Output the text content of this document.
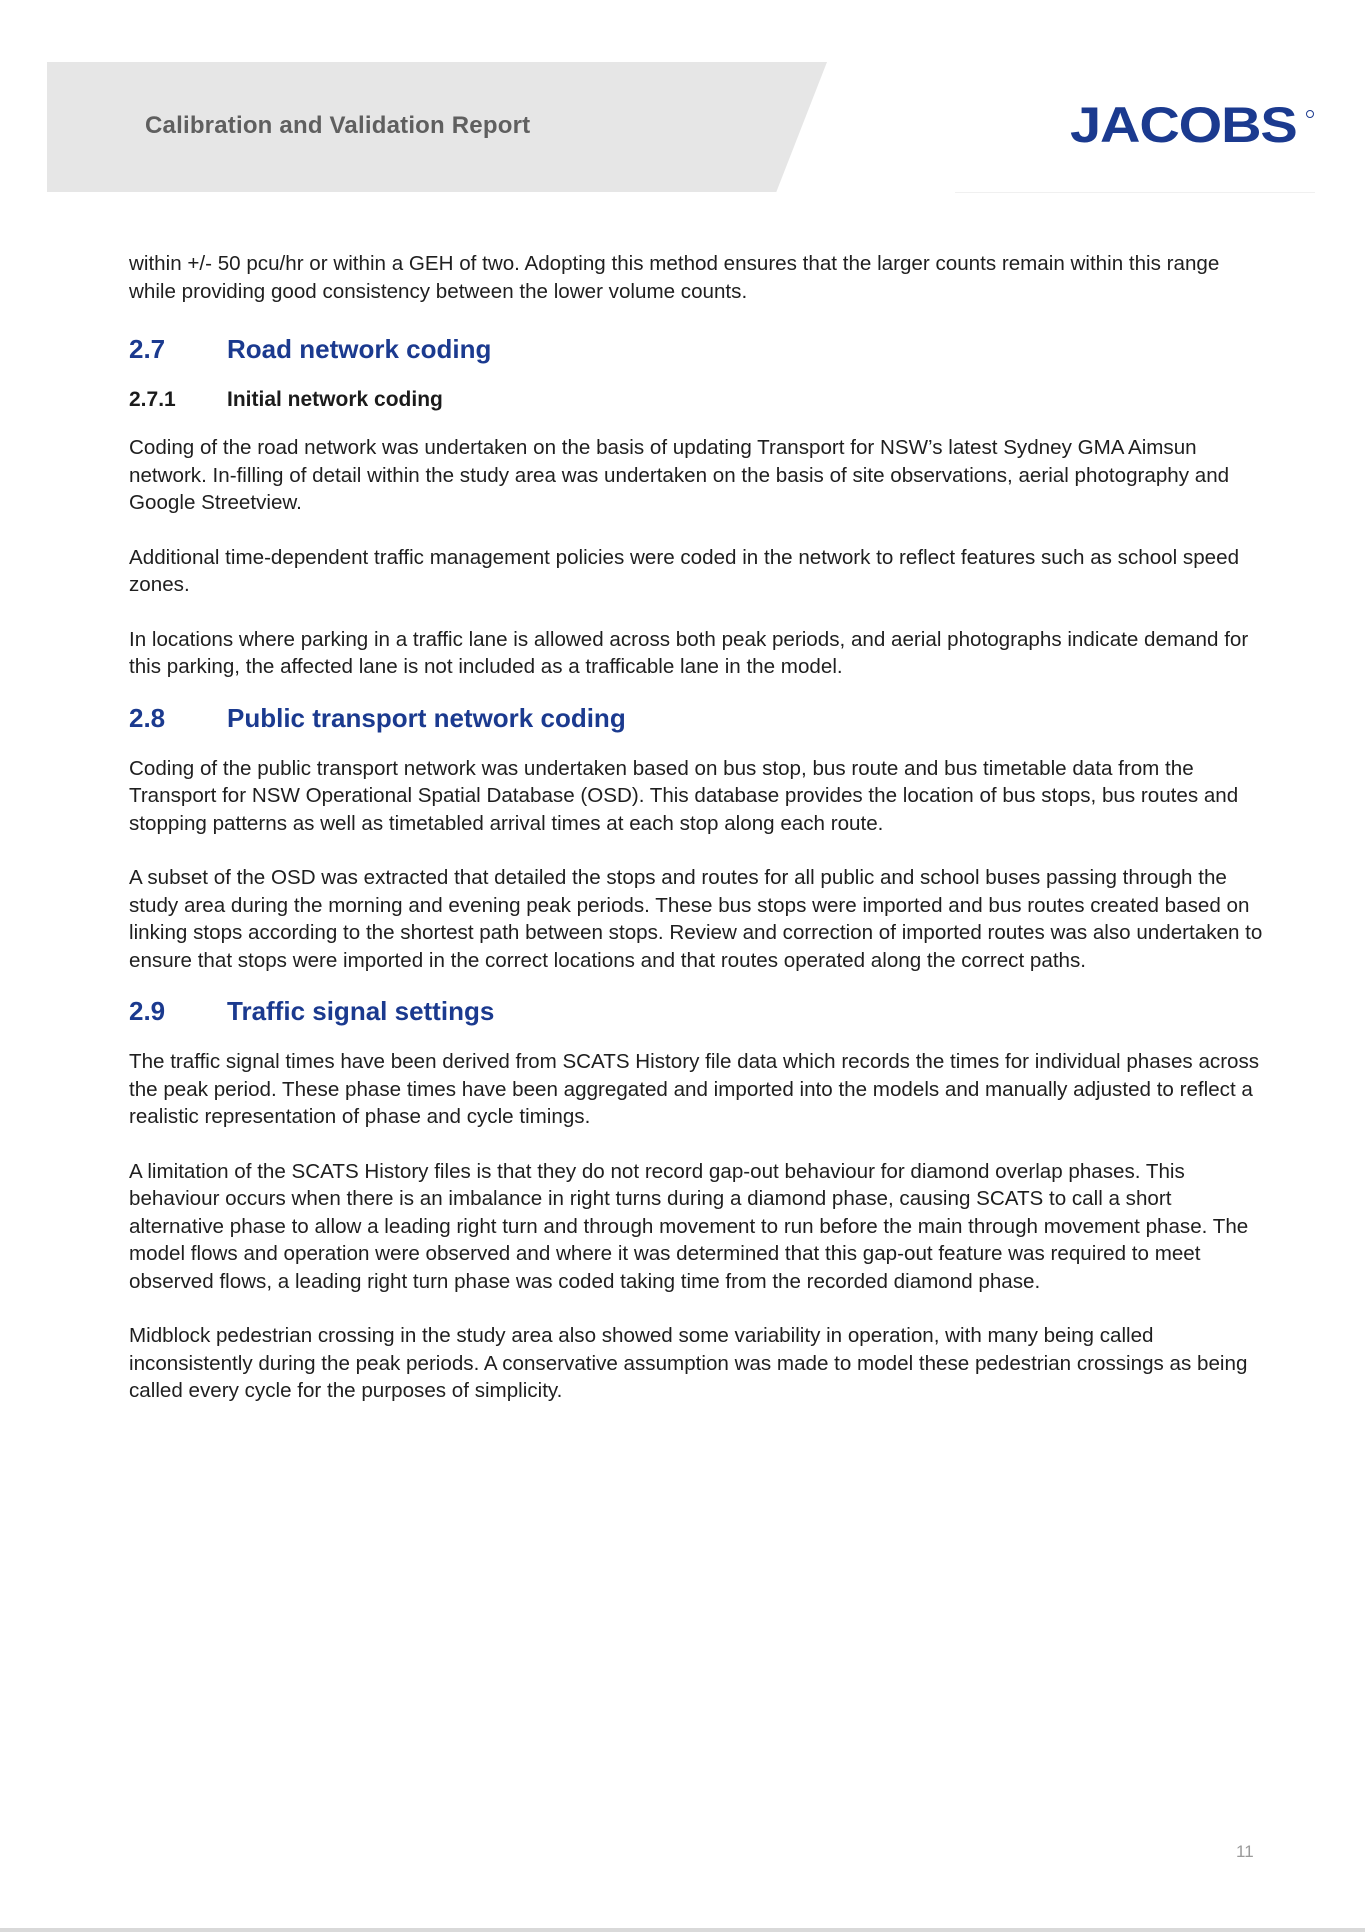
Calibration and Validation Report	JACOBS

within +/- 50 pcu/hr or within a GEH of two. Adopting this method ensures that the larger counts remain within this range while providing good consistency between the lower volume counts.

2.7	Road network coding
2.7.1	Initial network coding

Coding of the road network was undertaken on the basis of updating Transport for NSW’s latest Sydney GMA Aimsun network. In-filling of detail within the study area was undertaken on the basis of site observations, aerial photography and Google Streetview.

Additional time-dependent traffic management policies were coded in the network to reflect features such as school speed zones.

In locations where parking in a traffic lane is allowed across both peak periods, and aerial photographs indicate demand for this parking, the affected lane is not included as a trafficable lane in the model.

2.8	Public transport network coding

Coding of the public transport network was undertaken based on bus stop, bus route and bus timetable data from the Transport for NSW Operational Spatial Database (OSD). This database provides the location of bus stops, bus routes and stopping patterns as well as timetabled arrival times at each stop along each route.

A subset of the OSD was extracted that detailed the stops and routes for all public and school buses passing through the study area during the morning and evening peak periods. These bus stops were imported and bus routes created based on linking stops according to the shortest path between stops. Review and correction of imported routes was also undertaken to ensure that stops were imported in the correct locations and that routes operated along the correct paths.

2.9	Traffic signal settings

The traffic signal times have been derived from SCATS History file data which records the times for individual phases across the peak period. These phase times have been aggregated and imported into the models and manually adjusted to reflect a realistic representation of phase and cycle timings.

A limitation of the SCATS History files is that they do not record gap-out behaviour for diamond overlap phases. This behaviour occurs when there is an imbalance in right turns during a diamond phase, causing SCATS to call a short alternative phase to allow a leading right turn and through movement to run before the main through movement phase. The model flows and operation were observed and where it was determined that this gap-out feature was required to meet observed flows, a leading right turn phase was coded taking time from the recorded diamond phase.

Midblock pedestrian crossing in the study area also showed some variability in operation, with many being called inconsistently during the peak periods. A conservative assumption was made to model these pedestrian crossings as being called every cycle for the purposes of simplicity.

11
